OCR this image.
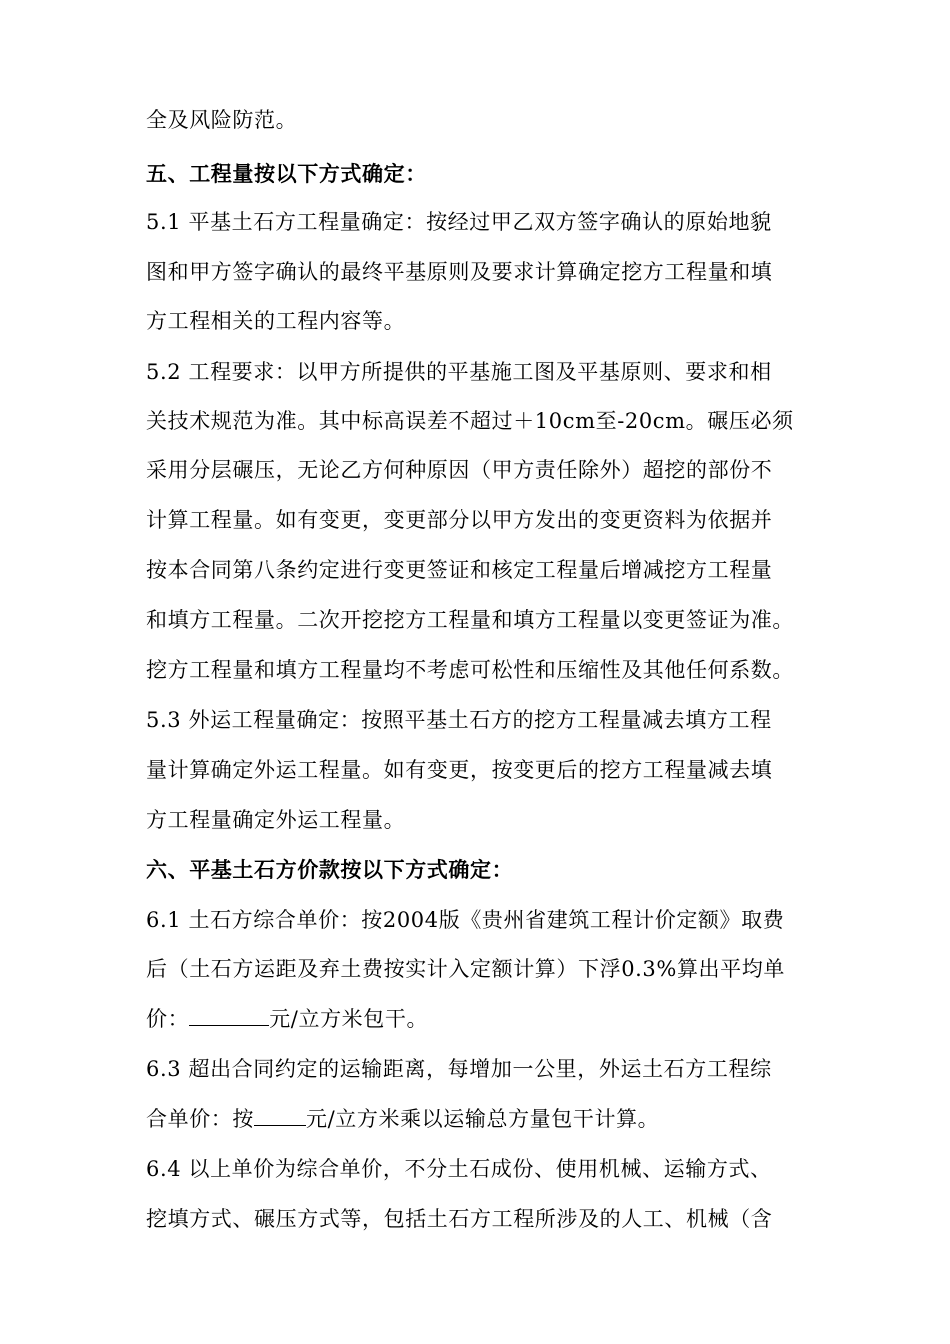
全及风险防范。
五、工程量按以下方式确定：
5.1 平基土石方工程量确定：按经过甲乙双方签字确认的原始地貌
图和甲方签字确认的最终平基原则及要求计算确定挖方工程量和填
方工程相关的工程内容等。
5.2 工程要求：以甲方所提供的平基施工图及平基原则、要求和相
关技术规范为准。其中标高误差不超过＋10cm至-20cm。碾压必须
采用分层碾压，无论乙方何种原因（甲方责任除外）超挖的部份不
计算工程量。如有变更，变更部分以甲方发出的变更资料为依据并
按本合同第八条约定进行变更签证和核定工程量后增减挖方工程量
和填方工程量。二次开挖挖方工程量和填方工程量以变更签证为准。
挖方工程量和填方工程量均不考虑可松性和压缩性及其他任何系数。
5.3 外运工程量确定：按照平基土石方的挖方工程量减去填方工程
量计算确定外运工程量。如有变更，按变更后的挖方工程量减去填
方工程量确定外运工程量。
六、平基土石方价款按以下方式确定：
6.1 土石方综合单价：按2004版《贵州省建筑工程计价定额》取费
后（土石方运距及弃土费按实计入定额计算）下浮0.3%算出平均单
价：	元/立方米包干。
6.3 超出合同约定的运输距离，每增加一公里，外运土石方工程综
合单价：按 元/立方米乘以运输总方量包干计算。
6.4 以上单价为综合单价，不分土石成份、使用机械、运输方式、
挖填方式、碾压方式等，包括土石方工程所涉及的人工、机械（含
